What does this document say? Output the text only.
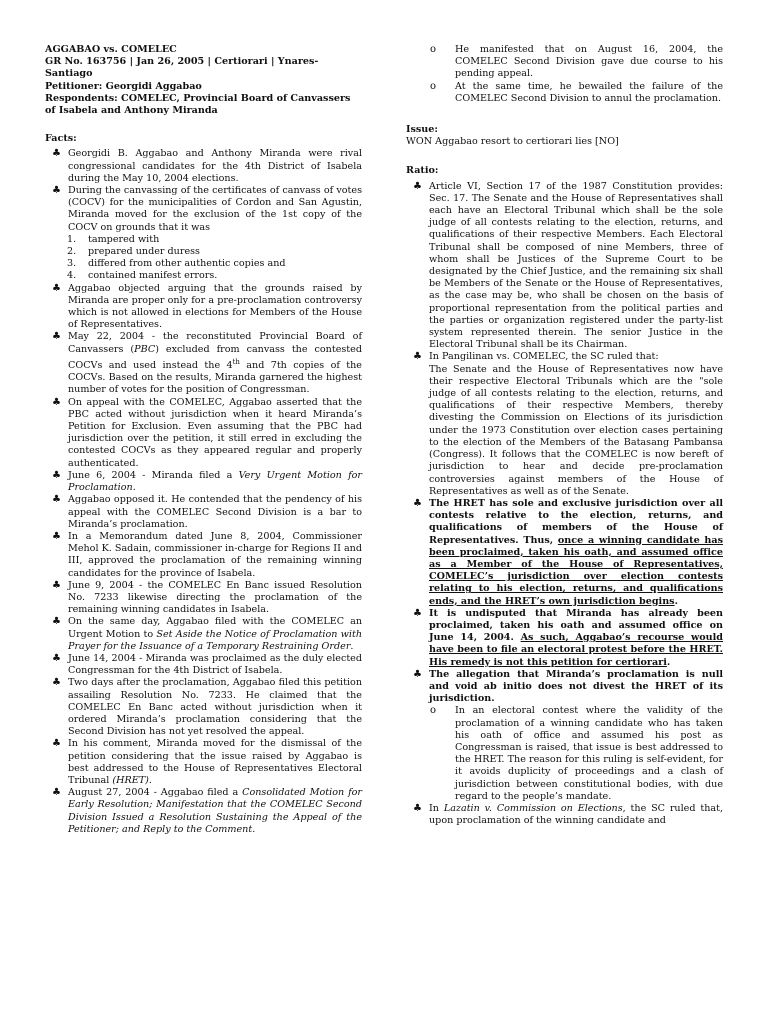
AGGABAO vs. COMELEC
GR No. 163756 | Jan 26, 2005 | Certiorari | Ynares-Santiago
Petitioner: Georgidi Aggabao
Respondents: COMELEC, Provincial Board of Canvassers of Isabela and Anthony Miranda
Facts:
♣ Georgidi B. Aggabao and Anthony Miranda were rival congressional candidates for the 4th District of Isabela during the May 10, 2004 elections.
♣ During the canvassing of the certificates of canvass of votes (COCV) for the municipalities of Cordon and San Agustin, Miranda moved for the exclusion of the 1st copy of the COCV on grounds that it was
1. tampered with
2. prepared under duress
3. differed from other authentic copies and
4. contained manifest errors.
♣ Aggabao objected arguing that the grounds raised by Miranda are proper only for a pre-proclamation controversy which is not allowed in elections for Members of the House of Representatives.
♣ May 22, 2004 - the reconstituted Provincial Board of Canvassers (PBC) excluded from canvass the contested COCVs and used instead the 4th and 7th copies of the COCVs. Based on the results, Miranda garnered the highest number of votes for the position of Congressman.
♣ On appeal with the COMELEC, Aggabao asserted that the PBC acted without jurisdiction when it heard Miranda’s Petition for Exclusion. Even assuming that the PBC had jurisdiction over the petition, it still erred in excluding the contested COCVs as they appeared regular and properly authenticated.
♣ June 6, 2004 - Miranda filed a Very Urgent Motion for Proclamation.
♣ Aggabao opposed it. He contended that the pendency of his appeal with the COMELEC Second Division is a bar to Miranda’s proclamation.
♣ In a Memorandum dated June 8, 2004, Commissioner Mehol K. Sadain, commissioner in-charge for Regions II and III, approved the proclamation of the remaining winning candidates for the province of Isabela.
♣ June 9, 2004 - the COMELEC En Banc issued Resolution No. 7233 likewise directing the proclamation of the remaining winning candidates in Isabela.
♣ On the same day, Aggabao filed with the COMELEC an Urgent Motion to Set Aside the Notice of Proclamation with Prayer for the Issuance of a Temporary Restraining Order.
♣ June 14, 2004 - Miranda was proclaimed as the duly elected Congressman for the 4th District of Isabela.
♣ Two days after the proclamation, Aggabao filed this petition assailing Resolution No. 7233. He claimed that the COMELEC En Banc acted without jurisdiction when it ordered Miranda’s proclamation considering that the Second Division has not yet resolved the appeal.
♣ In his comment, Miranda moved for the dismissal of the petition considering that the issue raised by Aggabao is best addressed to the House of Representatives Electoral Tribunal (HRET).
♣ August 27, 2004 - Aggabao filed a Consolidated Motion for Early Resolution; Manifestation that the COMELEC Second Division Issued a Resolution Sustaining the Appeal of the Petitioner; and Reply to the Comment.
o He manifested that on August 16, 2004, the COMELEC Second Division gave due course to his pending appeal.
o At the same time, he bewailed the failure of the COMELEC Second Division to annul the proclamation.
Issue:
WON Aggabao resort to certiorari lies [NO]
Ratio:
♣ Article VI, Section 17 of the 1987 Constitution provides: Sec. 17. The Senate and the House of Representatives shall each have an Electoral Tribunal which shall be the sole judge of all contests relating to the election, returns, and qualifications of their respective Members. Each Electoral Tribunal shall be composed of nine Members, three of whom shall be Justices of the Supreme Court to be designated by the Chief Justice, and the remaining six shall be Members of the Senate or the House of Representatives, as the case may be, who shall be chosen on the basis of proportional representation from the political parties and the parties or organization registered under the party-list system represented therein. The senior Justice in the Electoral Tribunal shall be its Chairman.
♣ In Pangilinan vs. COMELEC, the SC ruled that:
The Senate and the House of Representatives now have their respective Electoral Tribunals which are the "sole judge of all contests relating to the election, returns, and qualifications of their respective Members, thereby divesting the Commission on Elections of its jurisdiction under the 1973 Constitution over election cases pertaining to the election of the Members of the Batasang Pambansa (Congress). It follows that the COMELEC is now bereft of jurisdiction to hear and decide pre-proclamation controversies against members of the House of Representatives as well as of the Senate.
♣ The HRET has sole and exclusive jurisdiction over all contests relative to the election, returns, and qualifications of members of the House of Representatives. Thus, once a winning candidate has been proclaimed, taken his oath, and assumed office as a Member of the House of Representatives, COMELEC’s jurisdiction over election contests relating to his election, returns, and qualifications ends, and the HRET’s own jurisdiction begins.
♣ It is undisputed that Miranda has already been proclaimed, taken his oath and assumed office on June 14, 2004. As such, Aggabao’s recourse would have been to file an electoral protest before the HRET. His remedy is not this petition for certiorari.
♣ The allegation that Miranda’s proclamation is null and void ab initio does not divest the HRET of its jurisdiction.
o In an electoral contest where the validity of the proclamation of a winning candidate who has taken his oath of office and assumed his post as Congressman is raised, that issue is best addressed to the HRET. The reason for this ruling is self-evident, for it avoids duplicity of proceedings and a clash of jurisdiction between constitutional bodies, with due regard to the people’s mandate.
♣ In Lazatin v. Commission on Elections, the SC ruled that, upon proclamation of the winning candidate and
